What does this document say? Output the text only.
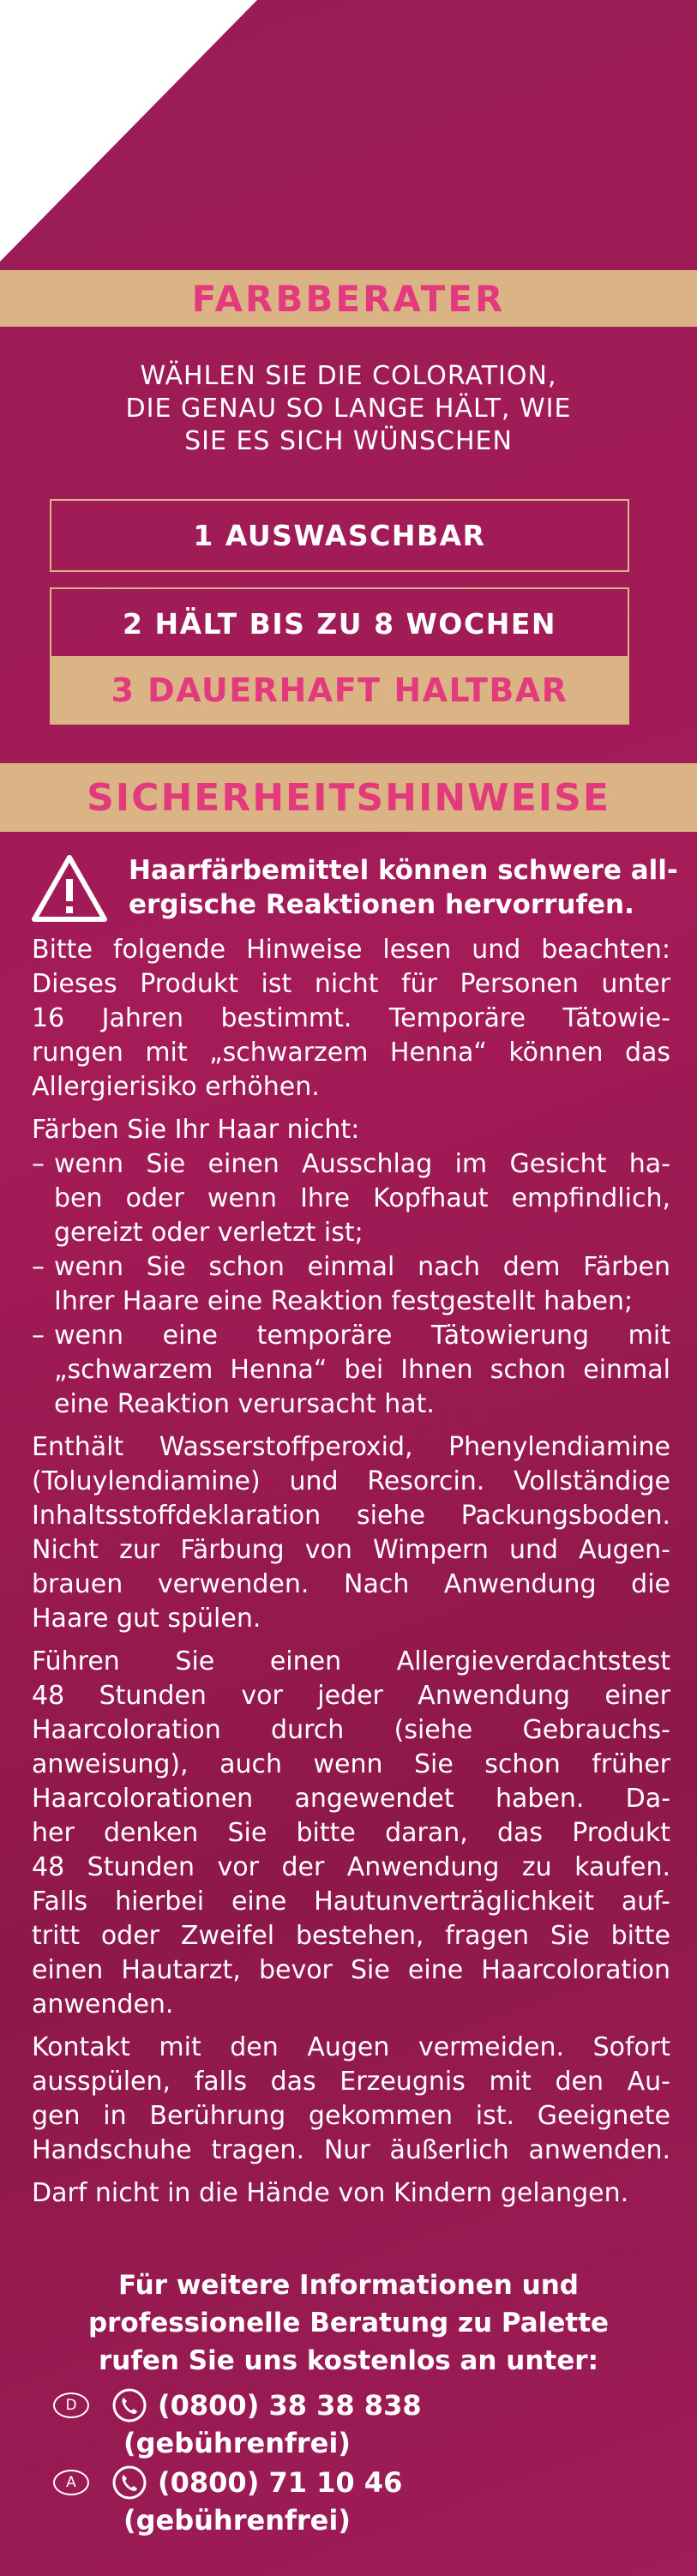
FARBBERATER
WÄHLEN SIE DIE COLORATION,
DIE GENAU SO LANGE HÄLT, WIE
SIE ES SICH WÜNSCHEN
1 AUSWASCHBAR
2 HÄLT BIS ZU 8 WOCHEN
3 DAUERHAFT HALTBAR
SICHERHEITSHINWEISE
Haarfärbemittel können schwere all-
ergische Reaktionen hervorrufen.
Bitte folgende Hinweise lesen und beachten:
Dieses Produkt ist nicht für Personen unter
16 Jahren bestimmt. Temporäre Tätowie-
rungen mit „schwarzem Henna“ können das
Allergierisiko erhöhen.
Färben Sie Ihr Haar nicht:
– wenn Sie einen Ausschlag im Gesicht ha-
ben oder wenn Ihre Kopfhaut empfindlich,
gereizt oder verletzt ist;
– wenn Sie schon einmal nach dem Färben
Ihrer Haare eine Reaktion festgestellt haben;
– wenn eine temporäre Tätowierung mit
„schwarzem Henna“ bei Ihnen schon einmal
eine Reaktion verursacht hat.
Enthält Wasserstoffperoxid, Phenylendiamine
(Toluylendiamine) und Resorcin. Vollständige
Inhaltsstoffdeklaration siehe Packungsboden.
Nicht zur Färbung von Wimpern und Augen-
brauen verwenden. Nach Anwendung die
Haare gut spülen.
Führen Sie einen Allergieverdachtstest
48 Stunden vor jeder Anwendung einer
Haarcoloration durch (siehe Gebrauchs-
anweisung), auch wenn Sie schon früher
Haarcolorationen angewendet haben. Da-
her denken Sie bitte daran, das Produkt
48 Stunden vor der Anwendung zu kaufen.
Falls hierbei eine Hautunverträglichkeit auf-
tritt oder Zweifel bestehen, fragen Sie bitte
einen Hautarzt, bevor Sie eine Haarcoloration
anwenden.
Kontakt mit den Augen vermeiden. Sofort
ausspülen, falls das Erzeugnis mit den Au-
gen in Berührung gekommen ist. Geeignete
Handschuhe tragen. Nur äußerlich anwenden.
Darf nicht in die Hände von Kindern gelangen.
Für weitere Informationen und
professionelle Beratung zu Palette
rufen Sie uns kostenlos an unter:
D	(0800) 38 38 838
(gebührenfrei)
A	(0800) 71 10 46
(gebührenfrei)
